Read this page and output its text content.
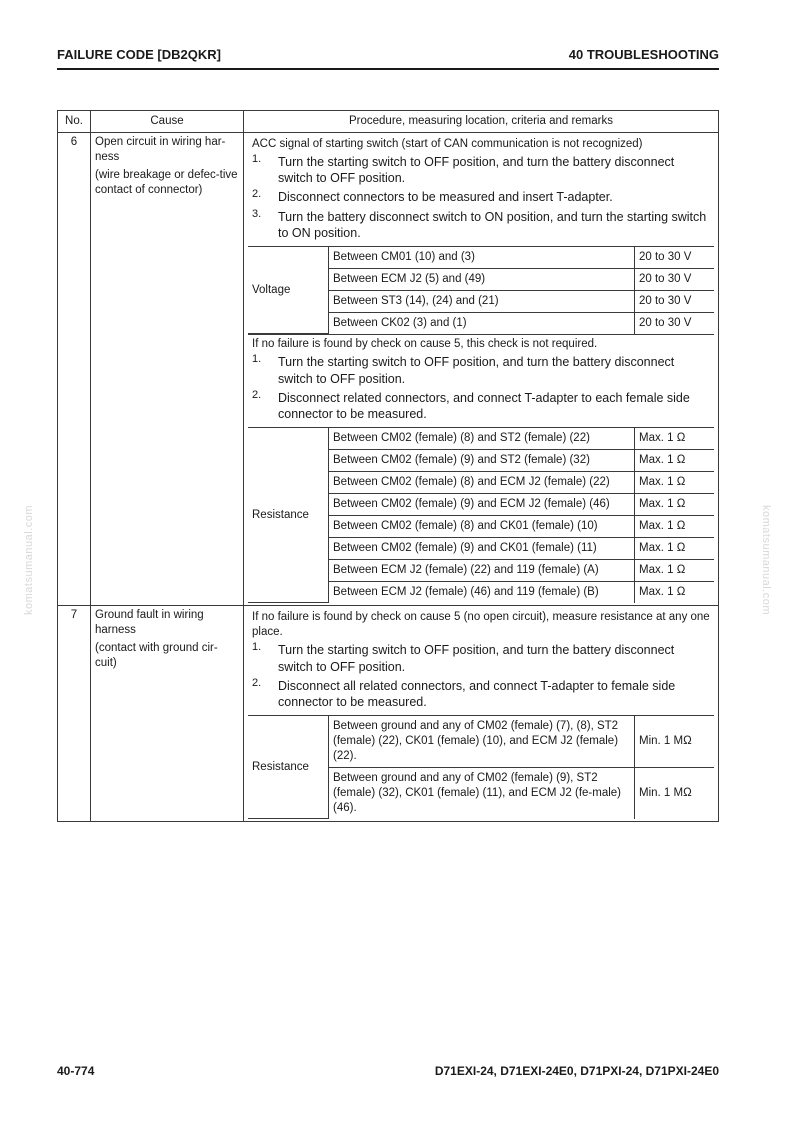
FAILURE CODE [DB2QKR]	40 TROUBLESHOOTING
komatsumanual.com	komatsumanual.com
No.	Cause	Procedure, measuring location, criteria and remarks
6	Open circuit in wiring har-ness

(wire breakage or defec-tive contact of connector)

ACC signal of starting switch (start of CAN communication is not recognized)
1. Turn the starting switch to OFF position, and turn the battery disconnect switch to OFF position.
2. Disconnect connectors to be measured and insert T-adapter.
3. Turn the battery disconnect switch to ON position, and turn the starting switch to ON position.
Voltage	Between CM01 (10) and (3)	20 to 30 V
Between ECM J2 (5) and (49)	20 to 30 V
Between ST3 (14), (24) and (21)	20 to 30 V
Between CK02 (3) and (1)	20 to 30 V
If no failure is found by check on cause 5, this check is not required.
1. Turn the starting switch to OFF position, and turn the battery disconnect switch to OFF position.
2. Disconnect related connectors, and connect T-adapter to each female side connector to be measured.
Resistance	Between CM02 (female) (8) and ST2 (female) (22)	Max. 1 Ω
Between CM02 (female) (9) and ST2 (female) (32)	Max. 1 Ω
Between CM02 (female) (8) and ECM J2 (female) (22)	Max. 1 Ω
Between CM02 (female) (9) and ECM J2 (female) (46)	Max. 1 Ω
Between CM02 (female) (8) and CK01 (female) (10)	Max. 1 Ω
Between CM02 (female) (9) and CK01 (female) (11)	Max. 1 Ω
Between ECM J2 (female) (22) and 119 (female) (A)	Max. 1 Ω
Between ECM J2 (female) (46) and 119 (female) (B)	Max. 1 Ω

7	Ground fault in wiring harness

(contact with ground cir-cuit)

If no failure is found by check on cause 5 (no open circuit), measure resistance at any one place.
1. Turn the starting switch to OFF position, and turn the battery disconnect switch to OFF position.
2. Disconnect all related connectors, and connect T-adapter to female side connector to be measured.
Resistance	Between ground and any of CM02 (female) (7), (8), ST2 (female) (22), CK01 (female) (10), and ECM J2 (female) (22).	Min. 1 MΩ
Between ground and any of CM02 (female) (9), ST2 (female) (32), CK01 (female) (11), and ECM J2 (fe-male) (46).	Min. 1 MΩ
40-774	D71EXI-24, D71EXI-24E0, D71PXI-24, D71PXI-24E0
